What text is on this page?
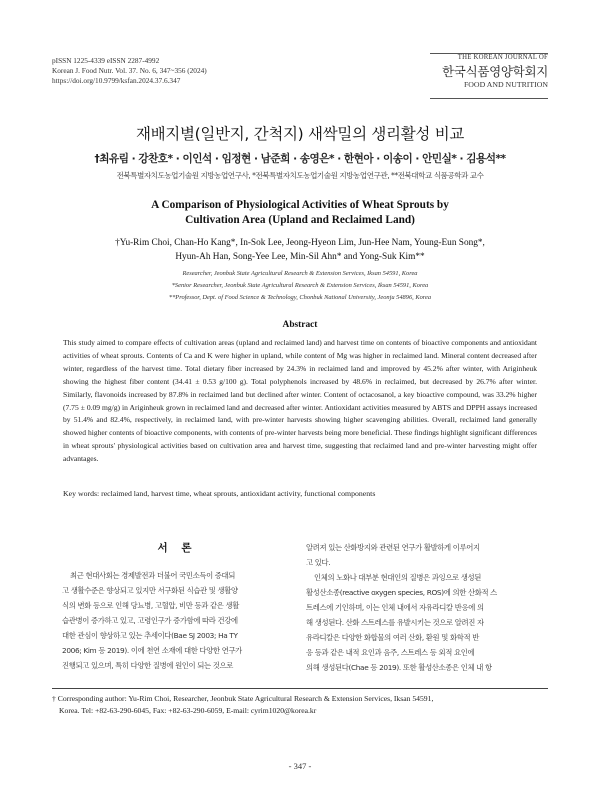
pISSN 1225-4339 eISSN 2287-4992
Korean J. Food Nutr. Vol. 37. No. 6, 347~356 (2024)
https://doi.org/10.9799/ksfan.2024.37.6.347
THE KOREAN JOURNAL OF
한국식품영양학회지
FOOD AND NUTRITION
재배지별(일반지, 간척지) 새싹밀의 생리활성 비교
†최유림 · 강찬호* · 이인석 · 임정현 · 남준희 · 송영은* · 한현아 · 이송이 · 안민실* · 김용석**
전북특별자치도농업기술원 지방농업연구사, *전북특별자치도농업기술원 지방농업연구관, **전북대학교 식품공학과 교수
A Comparison of Physiological Activities of Wheat Sprouts by
Cultivation Area (Upland and Reclaimed Land)
†Yu-Rim Choi, Chan-Ho Kang*, In-Sok Lee, Jeong-Hyeon Lim, Jun-Hee Nam, Young-Eun Song*,
Hyun-Ah Han, Song-Yee Lee, Min-Sil Ahn* and Yong-Suk Kim**
Researcher, Jeonbuk State Agricultural Research & Extension Services, Iksan 54591, Korea
*Senior Researcher, Jeonbuk State Agricultural Research & Extension Services, Iksan 54591, Korea
**Professor, Dept. of Food Science & Technology, Chonbuk National University, Jeonju 54896, Korea
Abstract
This study aimed to compare effects of cultivation areas (upland and reclaimed land) and harvest time on contents of bioactive components and antioxidant activities of wheat sprouts. Contents of Ca and K were higher in upland, while content of Mg was higher in reclaimed land. Mineral content decreased after winter, regardless of the harvest time. Total dietary fiber increased by 24.3% in reclaimed land and improved by 45.2% after winter, with Ariginheuk showing the highest fiber content (34.41 ± 0.53 g/100 g). Total polyphenols increased by 48.6% in reclaimed, but decreased by 26.7% after winter. Similarly, flavonoids increased by 87.8% in reclaimed land but declined after winter. Content of octacosanol, a key bioactive compound, was 33.2% higher (7.75 ± 0.09 mg/g) in Ariginheuk grown in reclaimed land and decreased after winter. Antioxidant activities measured by ABTS and DPPH assays increased by 51.4% and 82.4%, respectively, in reclaimed land, with pre-winter harvests showing higher scavenging abilities. Overall, reclaimed land generally showed higher contents of bioactive components, with contents of pre-winter harvests being more beneficial. These findings highlight significant differences in wheat sprouts' physiological activities based on cultivation area and harvest time, suggesting that reclaimed land and pre-winter harvesting might offer advantages.
Key words: reclaimed land, harvest time, wheat sprouts, antioxidant activity, functional components
서 론
최근 현대사회는 경제발전과 더불어 국민소득이 증대되
고 생활수준은 향상되고 있지만 서구화된 식습관 및 생활양
식의 변화 등으로 인해 당뇨병, 고혈압, 비만 등과 같은 생활
습관병이 증가하고 있고, 고령인구가 증가함에 따라 건강에
대한 관심이 향상하고 있는 추세이다(Bae SJ 2003; Ha TY
2006; Kim 등 2019). 이에 천연 소재에 대한 다양한 연구가
진행되고 있으며, 특히 다양한 질병에 원인이 되는 것으로
알려져 있는 산화방지와 관련된 연구가 활발하게 이루어지
고 있다.
인체의 노화나 대부분 현대인의 질병은 과잉으로 생성된
활성산소종(reactive oxygen species, ROS)에 의한 산화적 스
트레스에 기인하며, 이는 인체 내에서 자유라디칼 반응에 의
해 생성된다. 산화 스트레스를 유발시키는 것으로 알려진 자
유라디칼은 다양한 화합물의 여러 산화, 환원 및 화학적 반
응 등과 같은 내적 요인과 음주, 스트레스 등 외적 요인에
의해 생성된다(Chae 등 2019). 또한 활성산소종은 인체 내 항
† Corresponding author: Yu-Rim Choi, Researcher, Jeonbuk State Agricultural Research & Extension Services, Iksan 54591,
Korea. Tel: +82-63-290-6045, Fax: +82-63-290-6059, E-mail: cyrim1020@korea.kr
- 347 -
